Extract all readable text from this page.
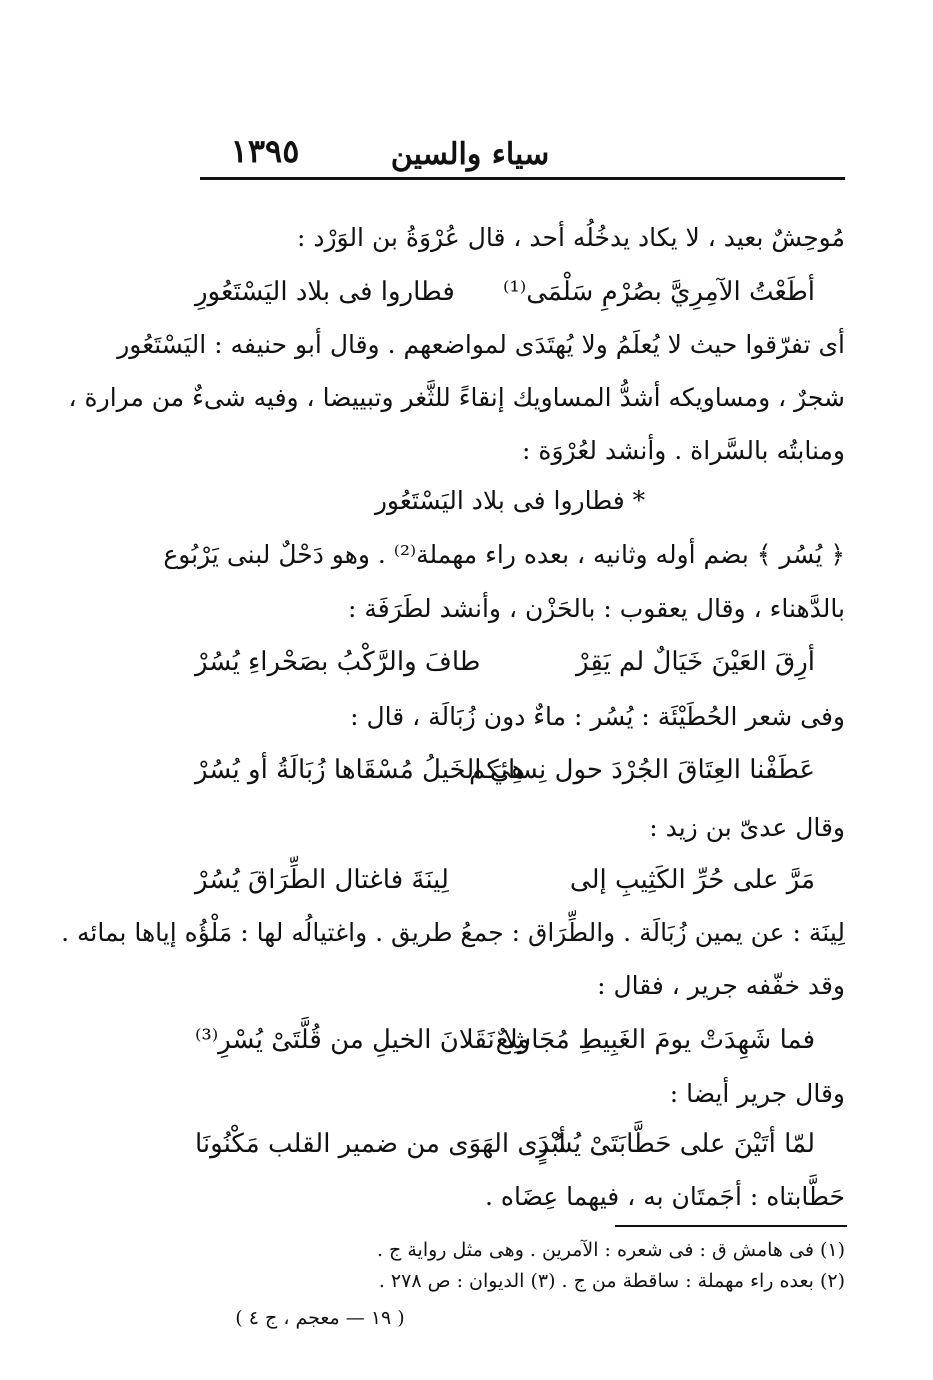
سياء والسين
١٣٩٥
مُوحِشٌ بعيد ، لا يكاد يدخُلُه أحد ، قال عُرْوَةُ بن الوَرْد :
أطَعْتُ الآمِرِيَّ بصُرْمِ سَلْمَى⁽¹⁾
فطاروا فى بلاد اليَسْتَعُورِ
أى تفرّقوا حيث لا يُعلَمُ ولا يُهتَدَى لمواضعهم . وقال أبو حنيفه : اليَسْتَعُور
شجرٌ ، ومساويكه أشدُّ المساويك إنقاءً للثَّغر وتبييضا ، وفيه شىءٌ من مرارة ،
ومنابتُه بالسَّراة . وأنشد لعُرْوَة :
* فطاروا فى بلاد اليَسْتَعُور
﴿ يُسُر ﴾ بضم أوله وثانيه ، بعده راء مهملة⁽²⁾ . وهو دَحْلٌ لبنى يَرْبُوع
بالدَّهناء ، وقال يعقوب : بالحَزْن ، وأنشد لطَرَفَة :
أرِقَ العَيْنَ خَيَالٌ لم يَقِرْ
طافَ والرَّكْبُ بصَحْراءِ يُسُرْ
وفى شعر الحُطَيْئَة : يُسُر : ماءٌ دون زُبَالَة ، قال :
عَطَفْنا العِتَاقَ الجُرْدَ حول نِسائكم
هِيَ الخَيلُ مُسْقَاها زُبَالَةُ أو يُسُرْ
وقال عدىّ بن زيد :
مَرَّ على حُرِّ الكَثِيبِ إلى
لِينَةَ فاغتال الطِّرَاقَ يُسُرْ
لِينَة : عن يمين زُبَالَة . والطِّرَاق : جمعُ طريق . واغتيالُه لها : مَلْؤُه إياها بمائه .
وقد خفّفه جرير ، فقال :
فما شَهِدَتْ يومَ الغَبِيطِ مُجَاشِعٌ
ولا نَقَلانَ الخيلِ من قُلَّتَىْ يُسْرِ⁽³⁾
وقال جرير أيضا :
لمّا أتَيْنَ على حَطَّابَتَىْ يُسُرٍ
أبْدَى الهَوَى من ضمير القلب مَكْنُونَا
حَطَّابتاه : أجَمتَان به ، فيهما عِضَاه .
(١) فى هامش ق : فى شعره : الآمرين . وهى مثل رواية ج .
(٢) بعده راء مهملة : ساقطة من ج . (٣) الديوان : ص ٢٧٨ .
( ١٩ — معجم ، ج ٤ )
